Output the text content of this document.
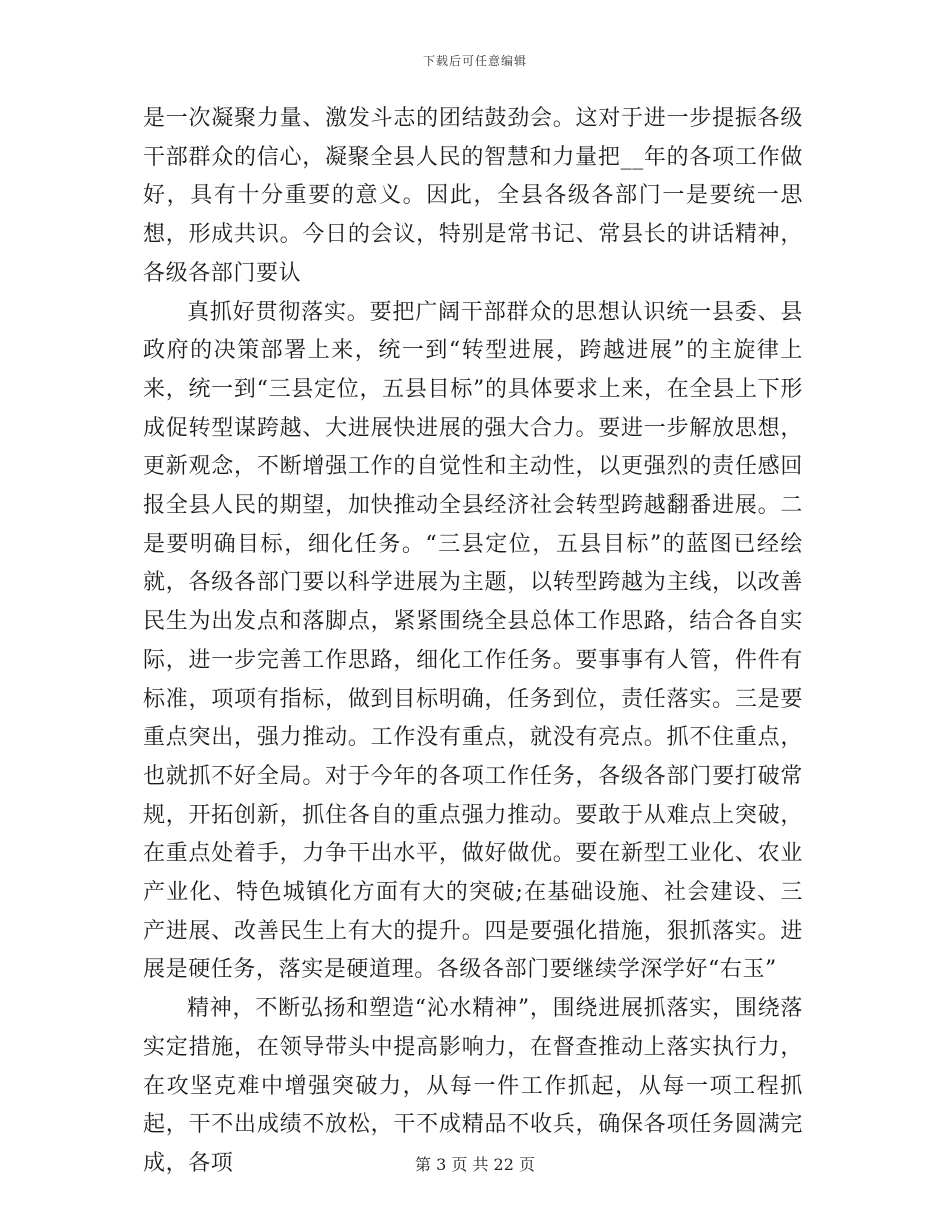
下载后可任意编辑

是一次凝聚力量、激发斗志的团结鼓劲会。这对于进一步提振各级干部群众的信心，凝聚全县人民的智慧和力量把__年的各项工作做好，具有十分重要的意义。因此，全县各级各部门一是要统一思想，形成共识。今日的会议，特别是常书记、常县长的讲话精神，各级各部门要认

真抓好贯彻落实。要把广阔干部群众的思想认识统一县委、县政府的决策部署上来，统一到“转型进展，跨越进展”的主旋律上来，统一到“三县定位，五县目标”的具体要求上来，在全县上下形成促转型谋跨越、大进展快进展的强大合力。要进一步解放思想，更新观念，不断增强工作的自觉性和主动性，以更强烈的责任感回报全县人民的期望，加快推动全县经济社会转型跨越翻番进展。二是要明确目标，细化任务。“三县定位，五县目标”的蓝图已经绘就，各级各部门要以科学进展为主题，以转型跨越为主线，以改善民生为出发点和落脚点，紧紧围绕全县总体工作思路，结合各自实际，进一步完善工作思路，细化工作任务。要事事有人管，件件有标准，项项有指标，做到目标明确，任务到位，责任落实。三是要重点突出，强力推动。工作没有重点，就没有亮点。抓不住重点，也就抓不好全局。对于今年的各项工作任务，各级各部门要打破常规，开拓创新，抓住各自的重点强力推动。要敢于从难点上突破，在重点处着手，力争干出水平，做好做优。要在新型工业化、农业产业化、特色城镇化方面有大的突破;在基础设施、社会建设、三产进展、改善民生上有大的提升。四是要强化措施，狠抓落实。进展是硬任务，落实是硬道理。各级各部门要继续学深学好“右玉”

精神，不断弘扬和塑造“沁水精神”，围绕进展抓落实，围绕落实定措施，在领导带头中提高影响力，在督查推动上落实执行力，在攻坚克难中增强突破力，从每一件工作抓起，从每一项工程抓起，干不出成绩不放松，干不成精品不收兵，确保各项任务圆满完成，各项	第 3 页 共 22 页
